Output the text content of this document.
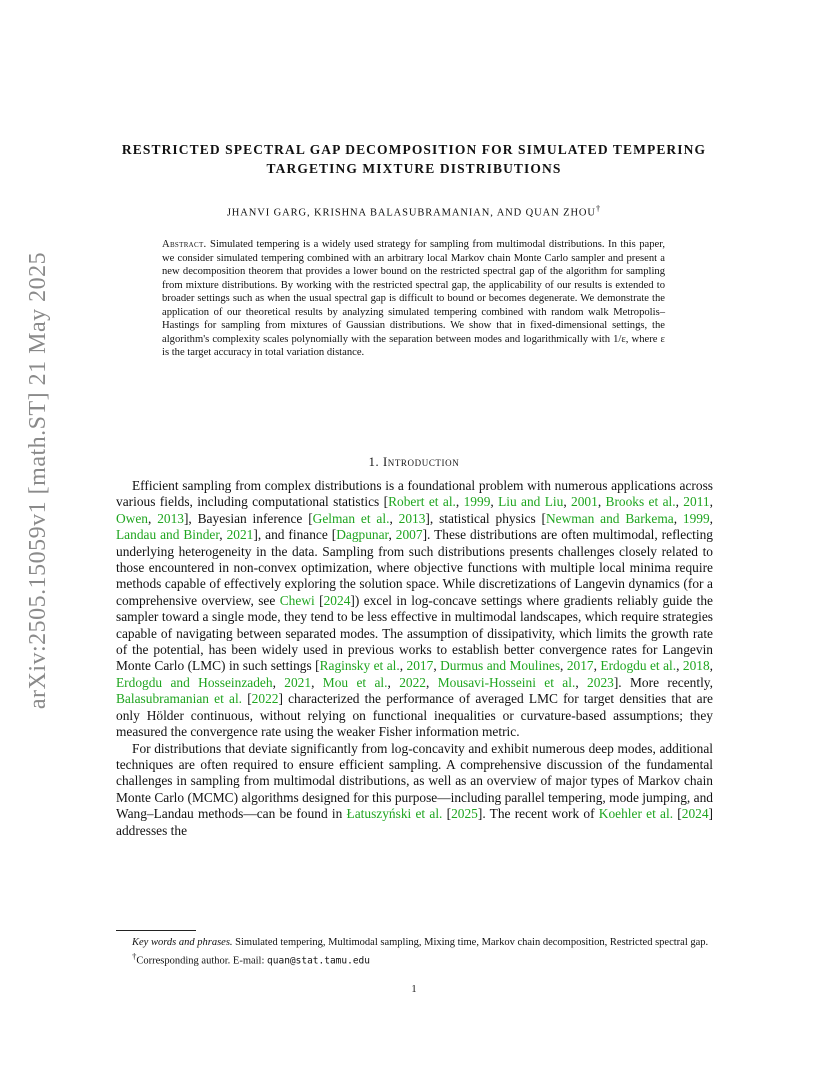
arXiv:2505.15059v1 [math.ST] 21 May 2025
RESTRICTED SPECTRAL GAP DECOMPOSITION FOR SIMULATED TEMPERING TARGETING MIXTURE DISTRIBUTIONS
JHANVI GARG, KRISHNA BALASUBRAMANIAN, AND QUAN ZHOU†
Abstract. Simulated tempering is a widely used strategy for sampling from multimodal distributions. In this paper, we consider simulated tempering combined with an arbitrary local Markov chain Monte Carlo sampler and present a new decomposition theorem that provides a lower bound on the restricted spectral gap of the algorithm for sampling from mixture distributions. By working with the restricted spectral gap, the applicability of our results is extended to broader settings such as when the usual spectral gap is difficult to bound or becomes degenerate. We demonstrate the application of our theoretical results by analyzing simulated tempering combined with random walk Metropolis–Hastings for sampling from mixtures of Gaussian distributions. We show that in fixed-dimensional settings, the algorithm's complexity scales polynomially with the separation between modes and logarithmically with 1/ε, where ε is the target accuracy in total variation distance.
1. Introduction

Efficient sampling from complex distributions is a foundational problem with numerous applications across various fields, including computational statistics [Robert et al., 1999, Liu and Liu, 2001, Brooks et al., 2011, Owen, 2013], Bayesian inference [Gelman et al., 2013], statistical physics [Newman and Barkema, 1999, Landau and Binder, 2021], and finance [Dagpunar, 2007]. These distributions are often multimodal, reflecting underlying heterogeneity in the data. Sampling from such distributions presents challenges closely related to those encountered in non-convex optimization, where objective functions with multiple local minima require methods capable of effectively exploring the solution space. While discretizations of Langevin dynamics (for a comprehensive overview, see Chewi [2024]) excel in log-concave settings where gradients reliably guide the sampler toward a single mode, they tend to be less effective in multimodal landscapes, which require strategies capable of navigating between separated modes. The assumption of dissipativity, which limits the growth rate of the potential, has been widely used in previous works to establish better convergence rates for Langevin Monte Carlo (LMC) in such settings [Raginsky et al., 2017, Durmus and Moulines, 2017, Erdogdu et al., 2018, Erdogdu and Hosseinzadeh, 2021, Mou et al., 2022, Mousavi-Hosseini et al., 2023]. More recently, Balasubramanian et al. [2022] characterized the performance of averaged LMC for target densities that are only Hölder continuous, without relying on functional inequalities or curvature-based assumptions; they measured the convergence rate using the weaker Fisher information metric.

For distributions that deviate significantly from log-concavity and exhibit numerous deep modes, additional techniques are often required to ensure efficient sampling. A comprehensive discussion of the fundamental challenges in sampling from multimodal distributions, as well as an overview of major types of Markov chain Monte Carlo (MCMC) algorithms designed for this purpose—including parallel tempering, mode jumping, and Wang–Landau methods—can be found in Łatuszyński et al. [2025]. The recent work of Koehler et al. [2024] addresses the

Key words and phrases. Simulated tempering, Multimodal sampling, Mixing time, Markov chain decomposition, Restricted spectral gap.

†Corresponding author. E-mail: quan@stat.tamu.edu

1
